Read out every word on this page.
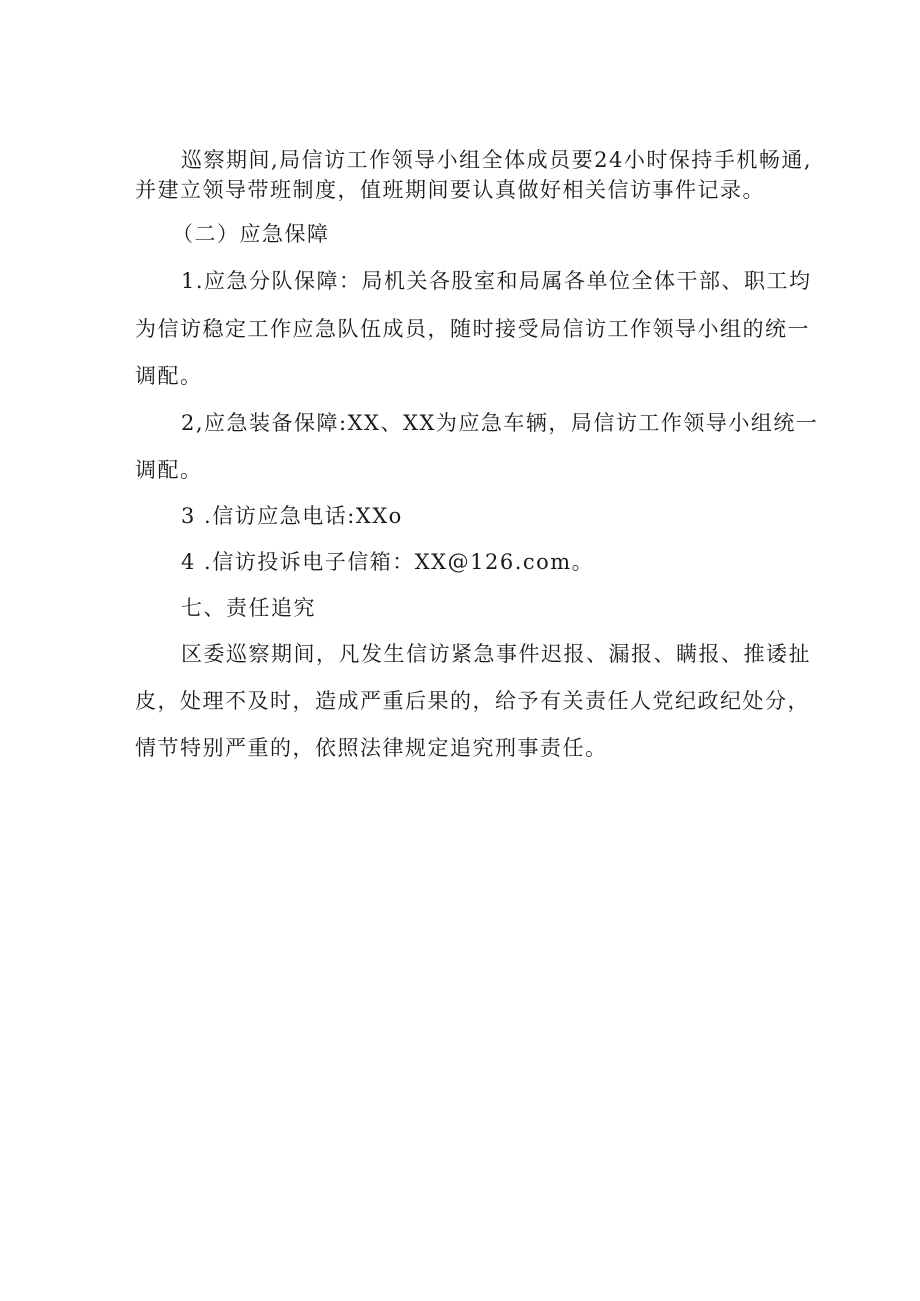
巡察期间,局信访工作领导小组全体成员要24小时保持手机畅通,
并建立领导带班制度，值班期间要认真做好相关信访事件记录。
（二）应急保障
1.应急分队保障：局机关各股室和局属各单位全体干部、职工均
为信访稳定工作应急队伍成员，随时接受局信访工作领导小组的统一
调配。
2,应急装备保障:XX、XX为应急车辆，局信访工作领导小组统一
调配。
3 .信访应急电话:XXo
4 .信访投诉电子信箱：XX@126.com。
七、责任追究
区委巡察期间，凡发生信访紧急事件迟报、漏报、瞒报、推诿扯
皮，处理不及时，造成严重后果的，给予有关责任人党纪政纪处分，
情节特别严重的，依照法律规定追究刑事责任。
